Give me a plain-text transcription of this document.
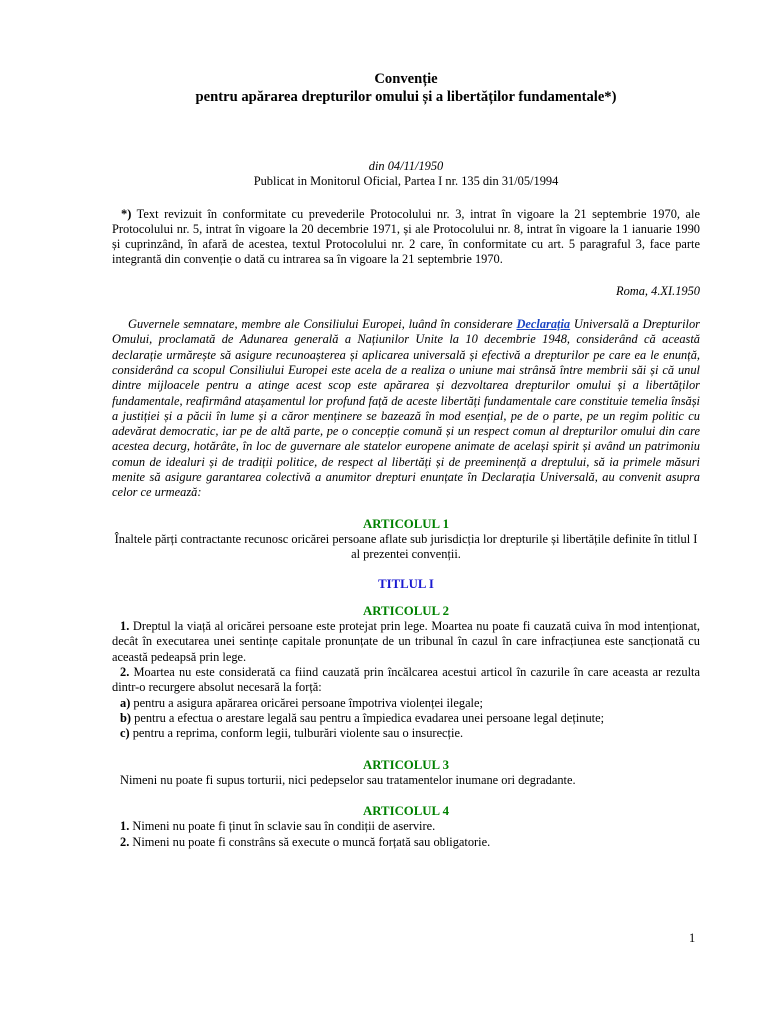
Convenție

pentru apărarea drepturilor omului și a libertăților fundamentale*)

din 04/11/1950
Publicat in Monitorul Oficial, Partea I nr. 135 din 31/05/1994
*) Text revizuit în conformitate cu prevederile Protocolului nr. 3, intrat în vigoare la 21 septembrie 1970, ale Protocolului nr. 5, intrat în vigoare la 20 decembrie 1971, și ale Protocolului nr. 8, intrat în vigoare la 1 ianuarie 1990 și cuprinzând, în afară de acestea, textul Protocolului nr. 2 care, în conformitate cu art. 5 paragraful 3, face parte integrantă din convenție o dată cu intrarea sa în vigoare la 21 septembrie 1970.
Roma, 4.XI.1950
Guvernele semnatare, membre ale Consiliului Europei, luând în considerare Declarația Universală a Drepturilor Omului, proclamată de Adunarea generală a Națiunilor Unite la 10 decembrie 1948, considerând că această declarație urmărește să asigure recunoașterea și aplicarea universală și efectivă a drepturilor pe care ea le enunță, considerând ca scopul Consiliului Europei este acela de a realiza o uniune mai strânsă între membrii săi și că unul dintre mijloacele pentru a atinge acest scop este apărarea și dezvoltarea drepturilor omului și a libertăților fundamentale, reafirmând atașamentul lor profund față de aceste libertăți fundamentale care constituie temelia însăși a justiției și a păcii în lume și a căror menținere se bazează în mod esențial, pe de o parte, pe un regim politic cu adevărat democratic, iar pe de altă parte, pe o concepție comună și un respect comun al drepturilor omului din care acestea decurg, hotărâte, în loc de guvernare ale statelor europene animate de același spirit și având un patrimoniu comun de idealuri și de tradiții politice, de respect al libertăți și de preeminență a dreptului, să ia primele măsuri menite să asigure garantarea colectivă a anumitor drepturi enunțate în Declarația Universală, au convenit asupra celor ce urmează:

ARTICOLUL 1

Înaltele părți contractante recunosc oricărei persoane aflate sub jurisdicția lor drepturile și libertățile definite în titlul I al prezentei convenții.

TITLUL I

ARTICOLUL 2

1. Dreptul la viață al oricărei persoane este protejat prin lege. Moartea nu poate fi cauzată cuiva în mod intenționat, decât în executarea unei sentințe capitale pronunțate de un tribunal în cazul în care infracțiunea este sancționată cu această pedeapsă prin lege.
2. Moartea nu este considerată ca fiind cauzată prin încălcarea acestui articol în cazurile în care aceasta ar rezulta dintr-o recurgere absolut necesară la forță:
a) pentru a asigura apărarea oricărei persoane împotriva violenței ilegale;
b) pentru a efectua o arestare legală sau pentru a împiedica evadarea unei persoane legal deținute;
c) pentru a reprima, conform legii, tulburări violente sau o insurecție.

ARTICOLUL 3

Nimeni nu poate fi supus torturii, nici pedepselor sau tratamentelor inumane ori degradante.

ARTICOLUL 4

1. Nimeni nu poate fi ținut în sclavie sau în condiții de aservire.
2. Nimeni nu poate fi constrâns să execute o muncă forțată sau obligatorie.
1
